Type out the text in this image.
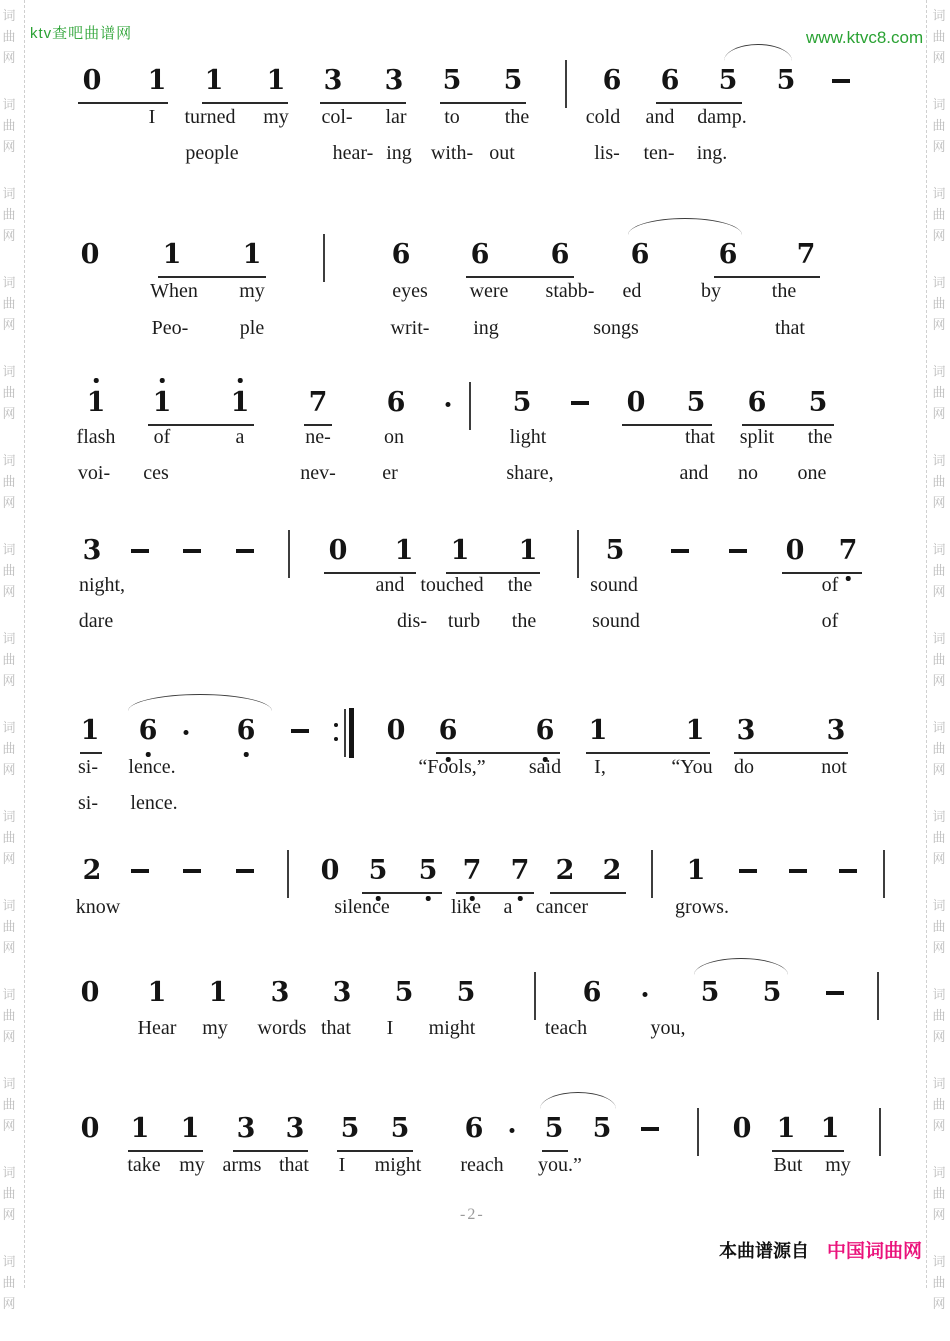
词
曲
网
词
曲
网
词
曲
网
词
曲
网
词
曲
网
词
曲
网
词
曲
网
词
曲
网
词
曲
网
词
曲
网
词
曲
网
词
曲
网
词
曲
网
词
曲
网
词
曲
网
词
曲
网
词
曲
网
词
曲
网
词
曲
网
词
曲
网
词
曲
网
词
曲
网
词
曲
网
词
曲
网
词
曲
网
词
曲
网
词
曲
网
词
曲
网
词
曲
网
词
曲
网
ktv查吧曲谱网	www.ktvc8.com
0 1 1 1 3 3 5 5	6 6 5 5
I turned my col- lar to the	cold and damp.
people	hear- ing with- out	lis- ten- ing.
0 1 1	6 6 6 6	6 7
When my	eyes were stabb- ed	by	the
Peo-	ple	writ- ing	songs	that
1 1 1 7 6	5	0 5 6 5
flash of	a	ne-	on	light	that split the
voi- ces	nev- er	share,	and no one
3	0 1 1 1	5	0 7
night,	and touched the	sound	of
dare	dis- turb the	sound	of
1 6	6	0 6	6 1	1 3	3
si- lence.	“Fools,” said I,	“You do	not
si- lence.
2	0 5 5 7 7 2 2 1
know	silence	like a cancer	grows.
0 1 1 3 3 5 5	6	5 5
Hear my words that I might	teach	you,
0 1 1 3 3 5 5 6 5 5	0 1 1
take my arms that I might reach you.”	But my
-2-
本曲谱源自 中国词曲网
